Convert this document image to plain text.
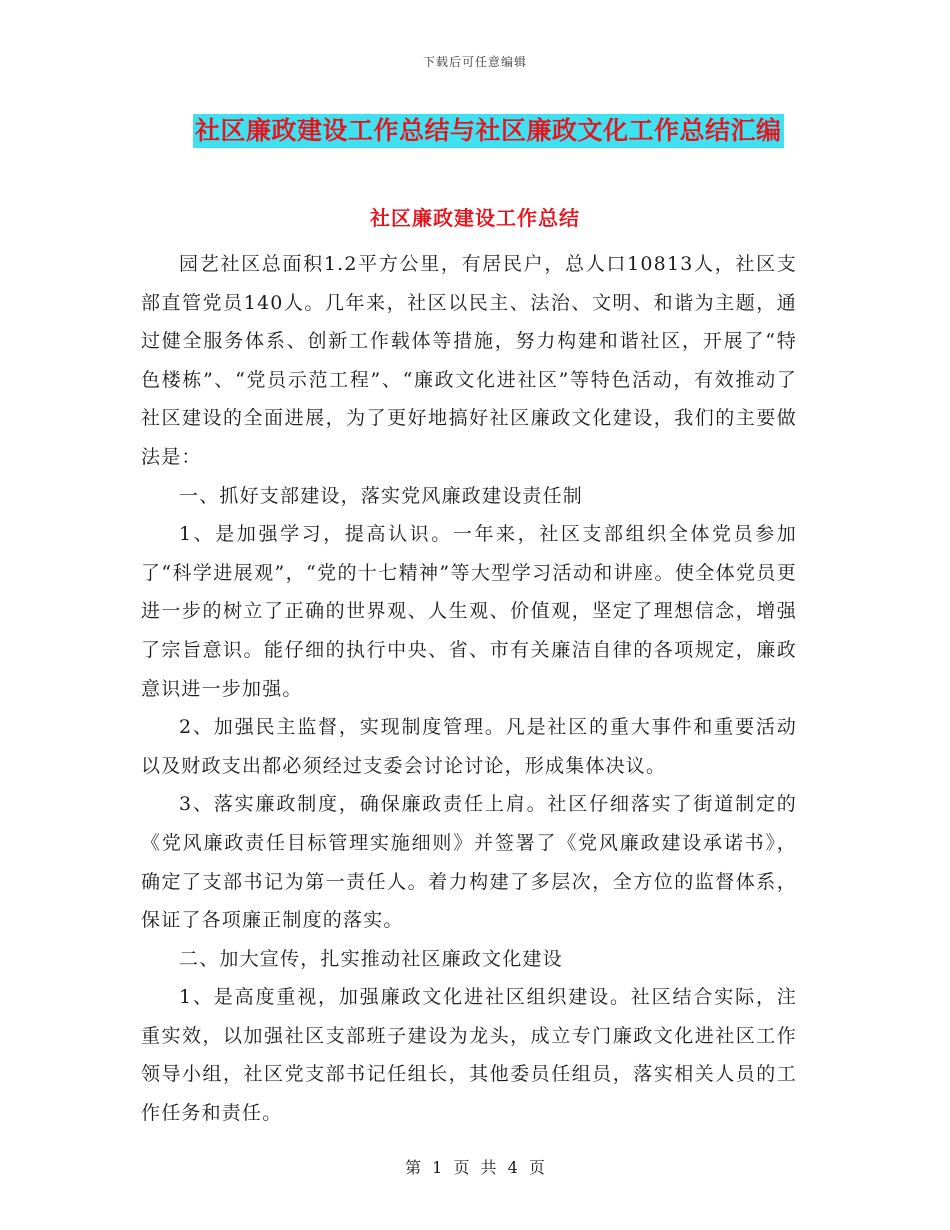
下载后可任意编辑
社区廉政建设工作总结与社区廉政文化工作总结汇编
社区廉政建设工作总结

园艺社区总面积1.2平方公里，有居民户，总人口10813人，社区支部直管党员140人。几年来，社区以民主、法治、文明、和谐为主题，通过健全服务体系、创新工作载体等措施，努力构建和谐社区，开展了“特色楼栋”、“党员示范工程”、“廉政文化进社区”等特色活动，有效推动了社区建设的全面进展，为了更好地搞好社区廉政文化建设，我们的主要做法是：

一、抓好支部建设，落实党风廉政建设责任制

1、是加强学习，提高认识。一年来，社区支部组织全体党员参加了“科学进展观”，“党的十七精神”等大型学习活动和讲座。使全体党员更进一步的树立了正确的世界观、人生观、价值观，坚定了理想信念，增强了宗旨意识。能仔细的执行中央、省、市有关廉洁自律的各项规定，廉政意识进一步加强。

2、加强民主监督，实现制度管理。凡是社区的重大事件和重要活动以及财政支出都必须经过支委会讨论讨论，形成集体决议。

3、落实廉政制度，确保廉政责任上肩。社区仔细落实了街道制定的《党风廉政责任目标管理实施细则》并签署了《党风廉政建设承诺书》，确定了支部书记为第一责任人。着力构建了多层次，全方位的监督体系，保证了各项廉正制度的落实。

二、加大宣传，扎实推动社区廉政文化建设

1、是高度重视，加强廉政文化进社区组织建设。社区结合实际，注重实效，以加强社区支部班子建设为龙头，成立专门廉政文化进社区工作领导小组，社区党支部书记任组长，其他委员任组员，落实相关人员的工作任务和责任。

第 1 页 共 4 页
